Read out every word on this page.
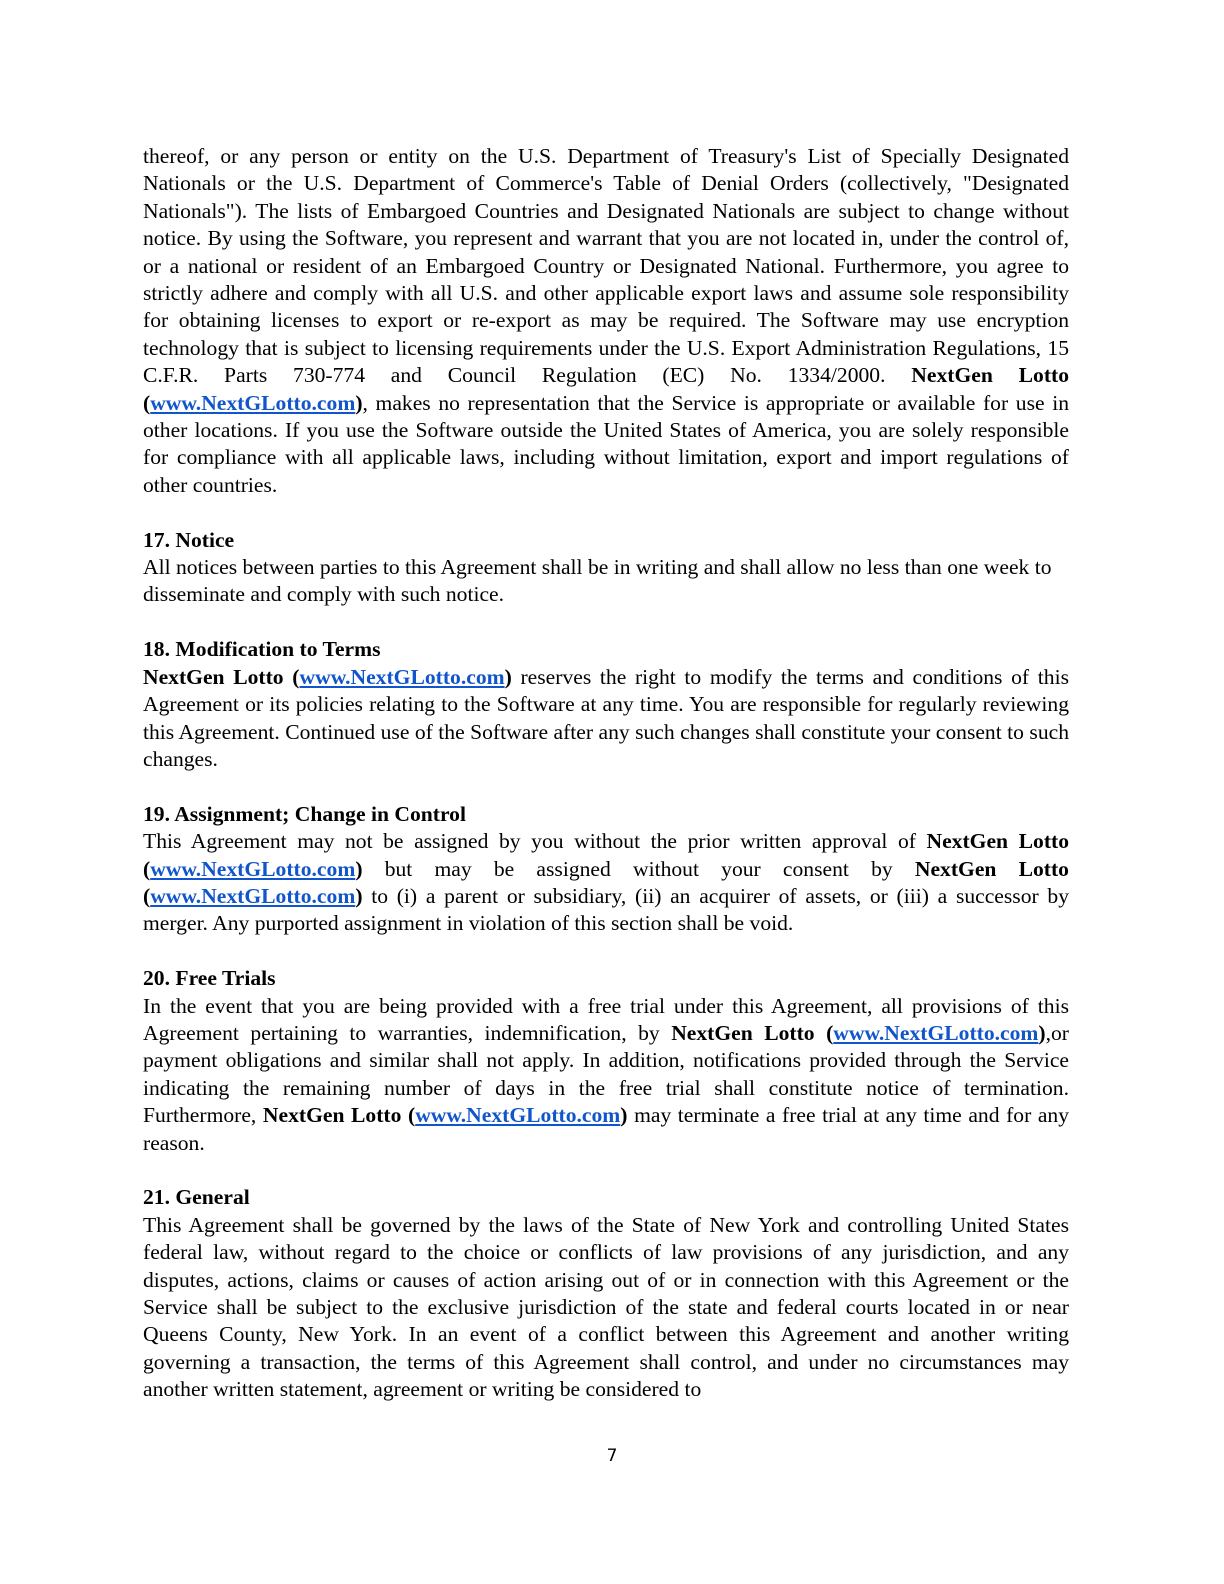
thereof, or any person or entity on the U.S. Department of Treasury's List of Specially Designated Nationals or the U.S. Department of Commerce's Table of Denial Orders (collectively, "Designated Nationals"). The lists of Embargoed Countries and Designated Nationals are subject to change without notice. By using the Software, you represent and warrant that you are not located in, under the control of, or a national or resident of an Embargoed Country or Designated National. Furthermore, you agree to strictly adhere and comply with all U.S. and other applicable export laws and assume sole responsibility for obtaining licenses to export or re-export as may be required. The Software may use encryption technology that is subject to licensing requirements under the U.S. Export Administration Regulations, 15 C.F.R. Parts 730-774 and Council Regulation (EC) No. 1334/2000. NextGen Lotto (www.NextGLotto.com), makes no representation that the Service is appropriate or available for use in other locations. If you use the Software outside the United States of America, you are solely responsible for compliance with all applicable laws, including without limitation, export and import regulations of other countries.

17. Notice

All notices between parties to this Agreement shall be in writing and shall allow no less than one week to disseminate and comply with such notice.

18. Modification to Terms

NextGen Lotto (www.NextGLotto.com) reserves the right to modify the terms and conditions of this Agreement or its policies relating to the Software at any time. You are responsible for regularly reviewing this Agreement. Continued use of the Software after any such changes shall constitute your consent to such changes.

19. Assignment; Change in Control

This Agreement may not be assigned by you without the prior written approval of NextGen Lotto (www.NextGLotto.com) but may be assigned without your consent by NextGen Lotto (www.NextGLotto.com) to (i) a parent or subsidiary, (ii) an acquirer of assets, or (iii) a successor by merger. Any purported assignment in violation of this section shall be void.

20. Free Trials

In the event that you are being provided with a free trial under this Agreement, all provisions of this Agreement pertaining to warranties, indemnification, by NextGen Lotto (www.NextGLotto.com),or payment obligations and similar shall not apply. In addition, notifications provided through the Service indicating the remaining number of days in the free trial shall constitute notice of termination. Furthermore, NextGen Lotto (www.NextGLotto.com) may terminate a free trial at any time and for any reason.

21. General

This Agreement shall be governed by the laws of the State of New York and controlling United States federal law, without regard to the choice or conflicts of law provisions of any jurisdiction, and any disputes, actions, claims or causes of action arising out of or in connection with this Agreement or the Service shall be subject to the exclusive jurisdiction of the state and federal courts located in or near Queens County, New York. In an event of a conflict between this Agreement and another writing governing a transaction, the terms of this Agreement shall control, and under no circumstances may another written statement, agreement or writing be considered to

7
